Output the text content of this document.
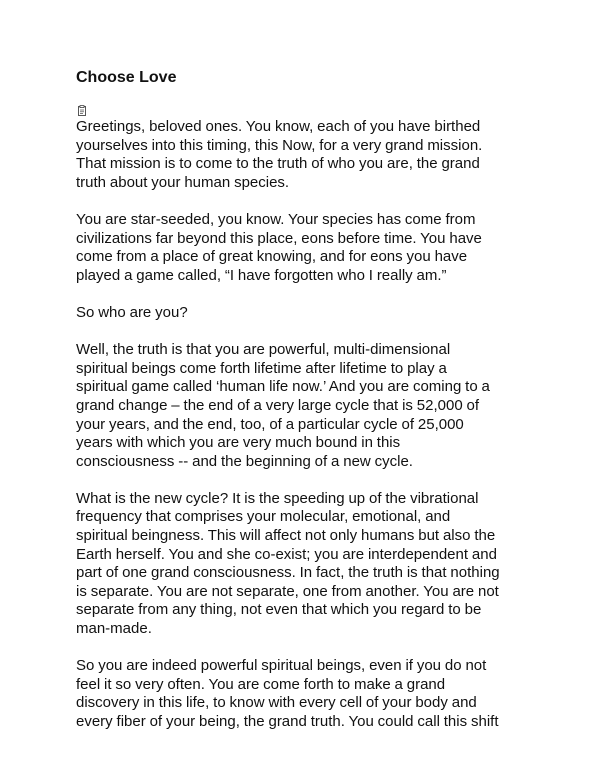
Choose Love

Greetings, beloved ones. You know, each of you have birthed
yourselves into this timing, this Now, for a very grand mission.
That mission is to come to the truth of who you are, the grand
truth about your human species.

You are star-seeded, you know. Your species has come from
civilizations far beyond this place, eons before time. You have
come from a place of great knowing, and for eons you have
played a game called, “I have forgotten who I really am.”

So who are you?

Well, the truth is that you are powerful, multi-dimensional
spiritual beings come forth lifetime after lifetime to play a
spiritual game called ‘human life now.’ And you are coming to a
grand change – the end of a very large cycle that is 52,000 of
your years, and the end, too, of a particular cycle of 25,000
years with which you are very much bound in this
consciousness -- and the beginning of a new cycle.

What is the new cycle? It is the speeding up of the vibrational
frequency that comprises your molecular, emotional, and
spiritual beingness. This will affect not only humans but also the
Earth herself. You and she co-exist; you are interdependent and
part of one grand consciousness. In fact, the truth is that nothing
is separate. You are not separate, one from another. You are not
separate from any thing, not even that which you regard to be
man-made.

So you are indeed powerful spiritual beings, even if you do not
feel it so very often. You are come forth to make a grand
discovery in this life, to know with every cell of your body and
every fiber of your being, the grand truth. You could call this shift
